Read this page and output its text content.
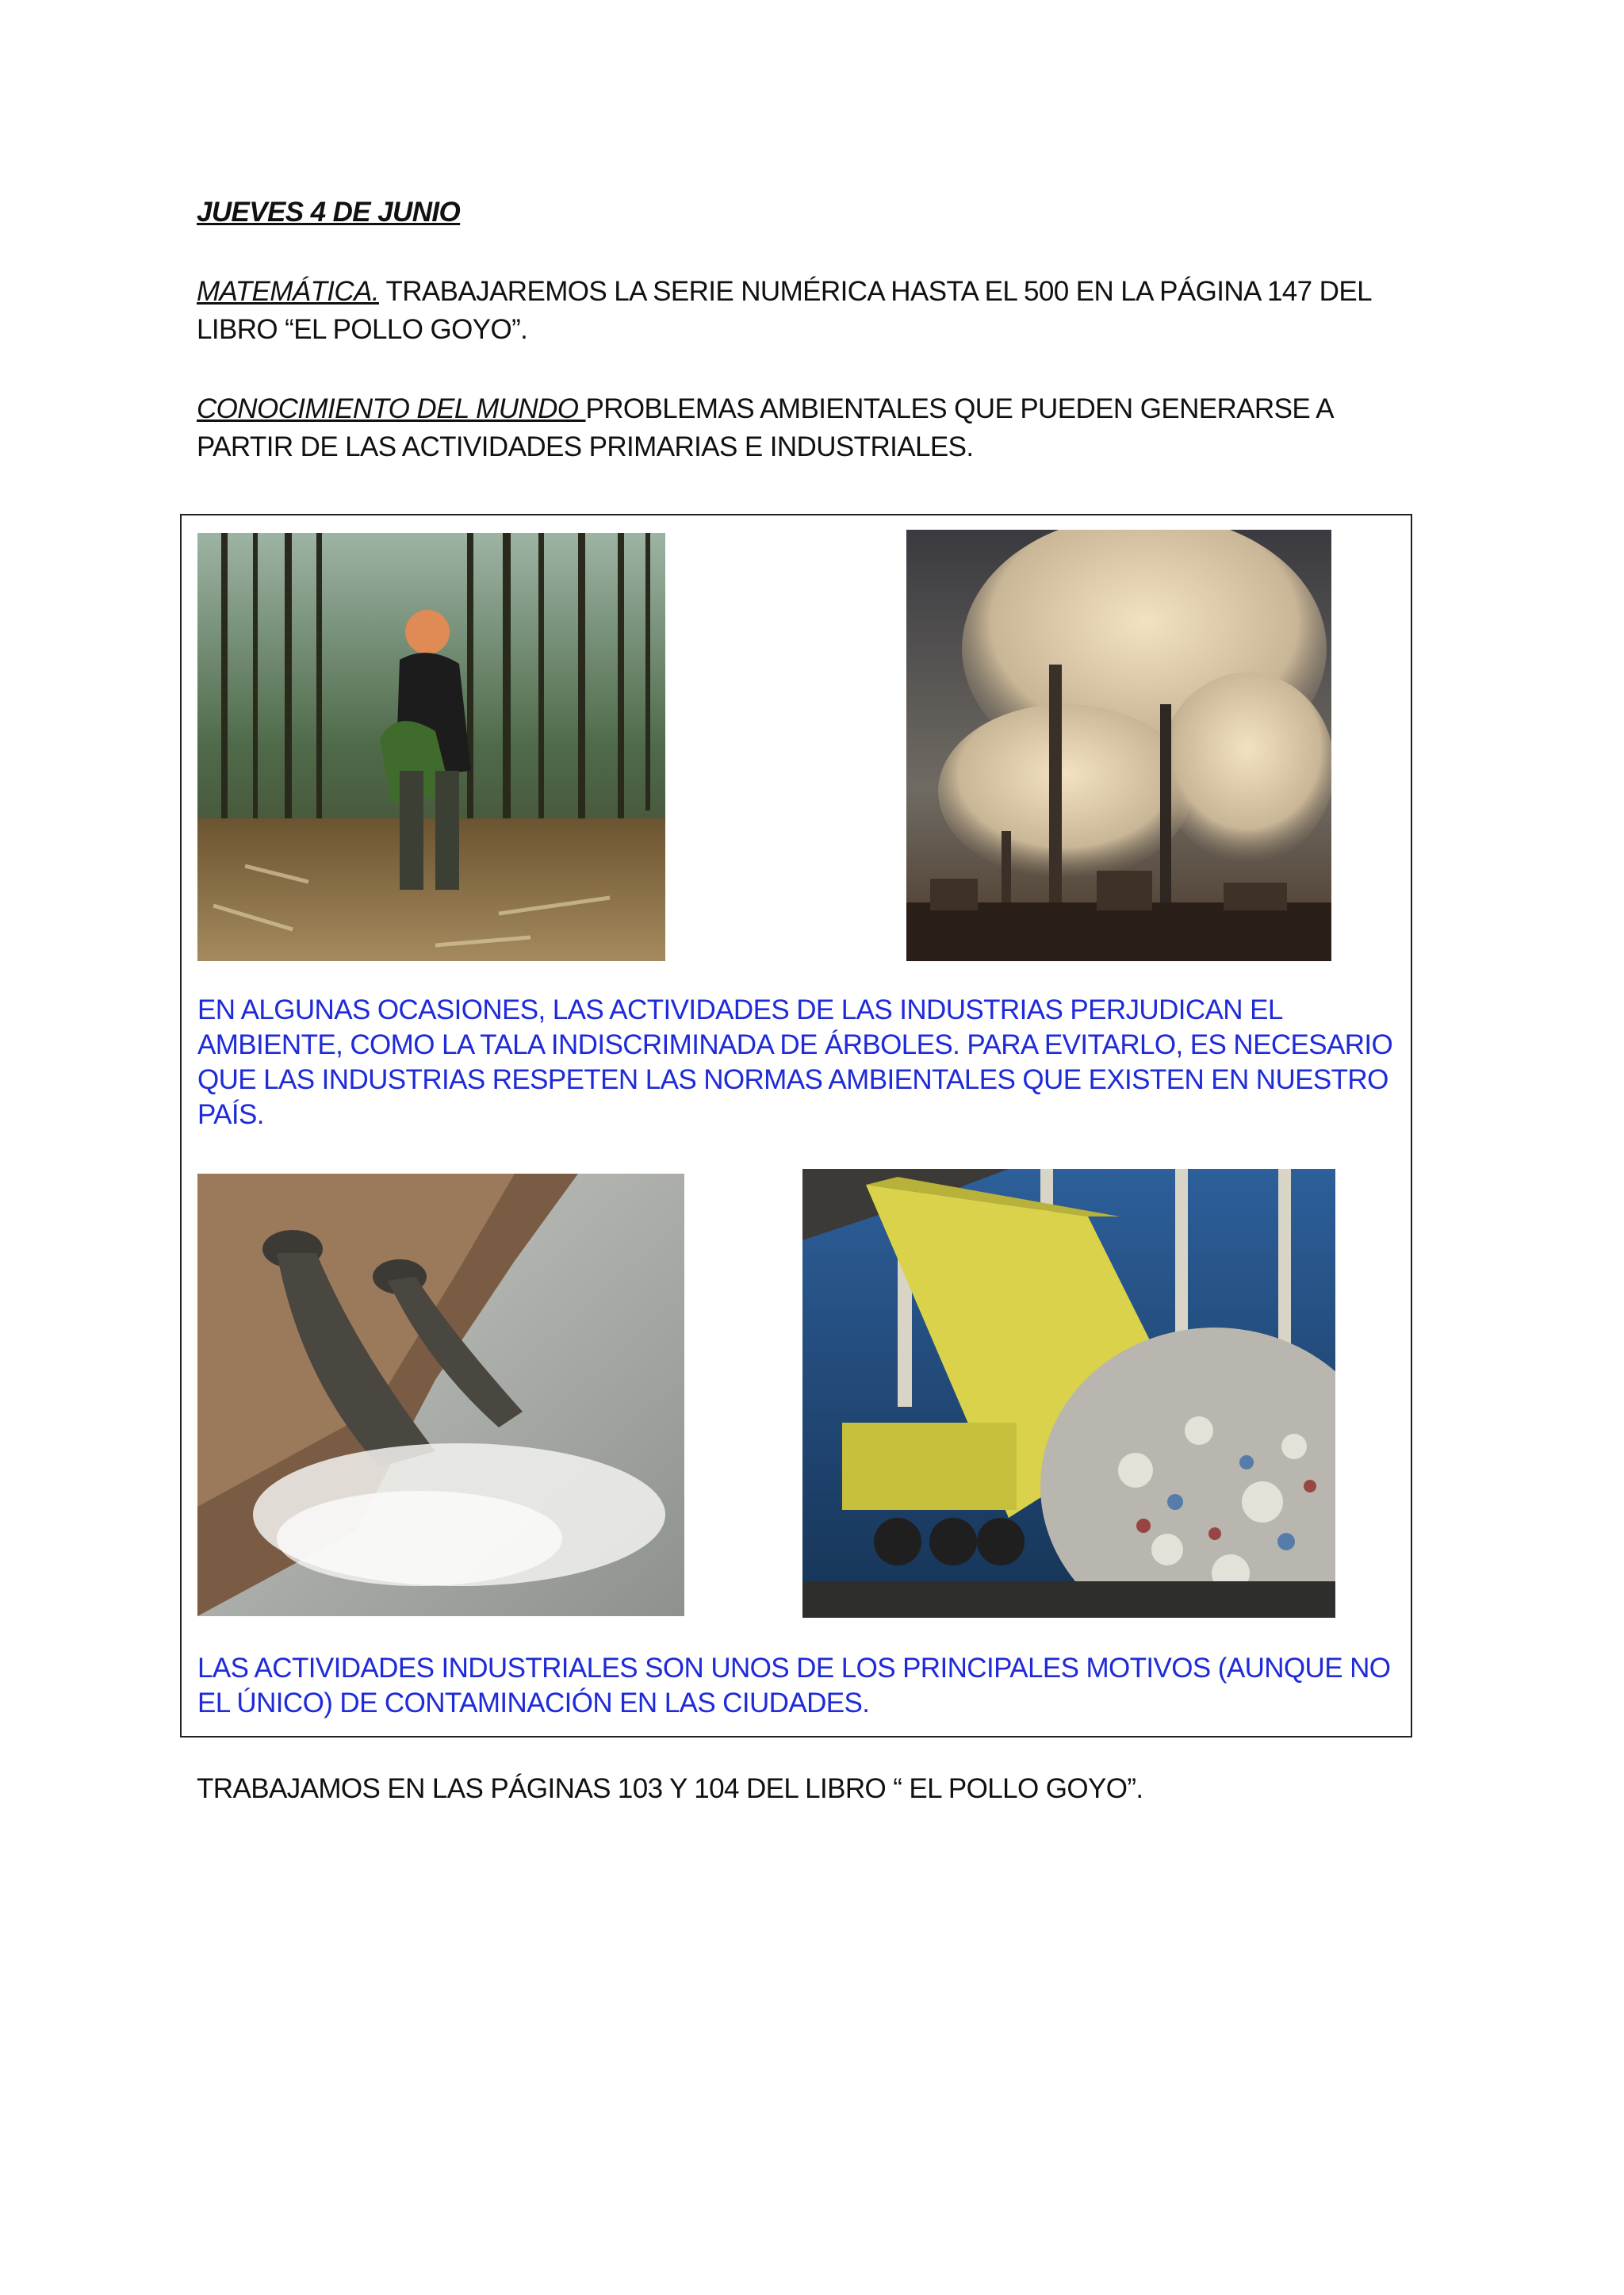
JUEVES 4 DE JUNIO

MATEMÁTICA. TRABAJAREMOS LA SERIE NUMÉRICA HASTA EL 500 EN LA PÁGINA 147 DEL LIBRO “EL POLLO GOYO”.

CONOCIMIENTO DEL MUNDO PROBLEMAS AMBIENTALES QUE PUEDEN GENERARSE A PARTIR DE LAS ACTIVIDADES PRIMARIAS E INDUSTRIALES.

EN ALGUNAS OCASIONES, LAS ACTIVIDADES DE LAS INDUSTRIAS PERJUDICAN EL AMBIENTE, COMO LA TALA INDISCRIMINADA DE ÁRBOLES. PARA EVITARLO, ES NECESARIO QUE LAS INDUSTRIAS RESPETEN LAS NORMAS AMBIENTALES QUE EXISTEN EN NUESTRO PAÍS.

LAS ACTIVIDADES INDUSTRIALES SON UNOS DE LOS PRINCIPALES MOTIVOS (AUNQUE NO EL ÚNICO) DE CONTAMINACIÓN EN LAS CIUDADES.

TRABAJAMOS EN LAS PÁGINAS 103 Y 104 DEL LIBRO “ EL POLLO GOYO”.
